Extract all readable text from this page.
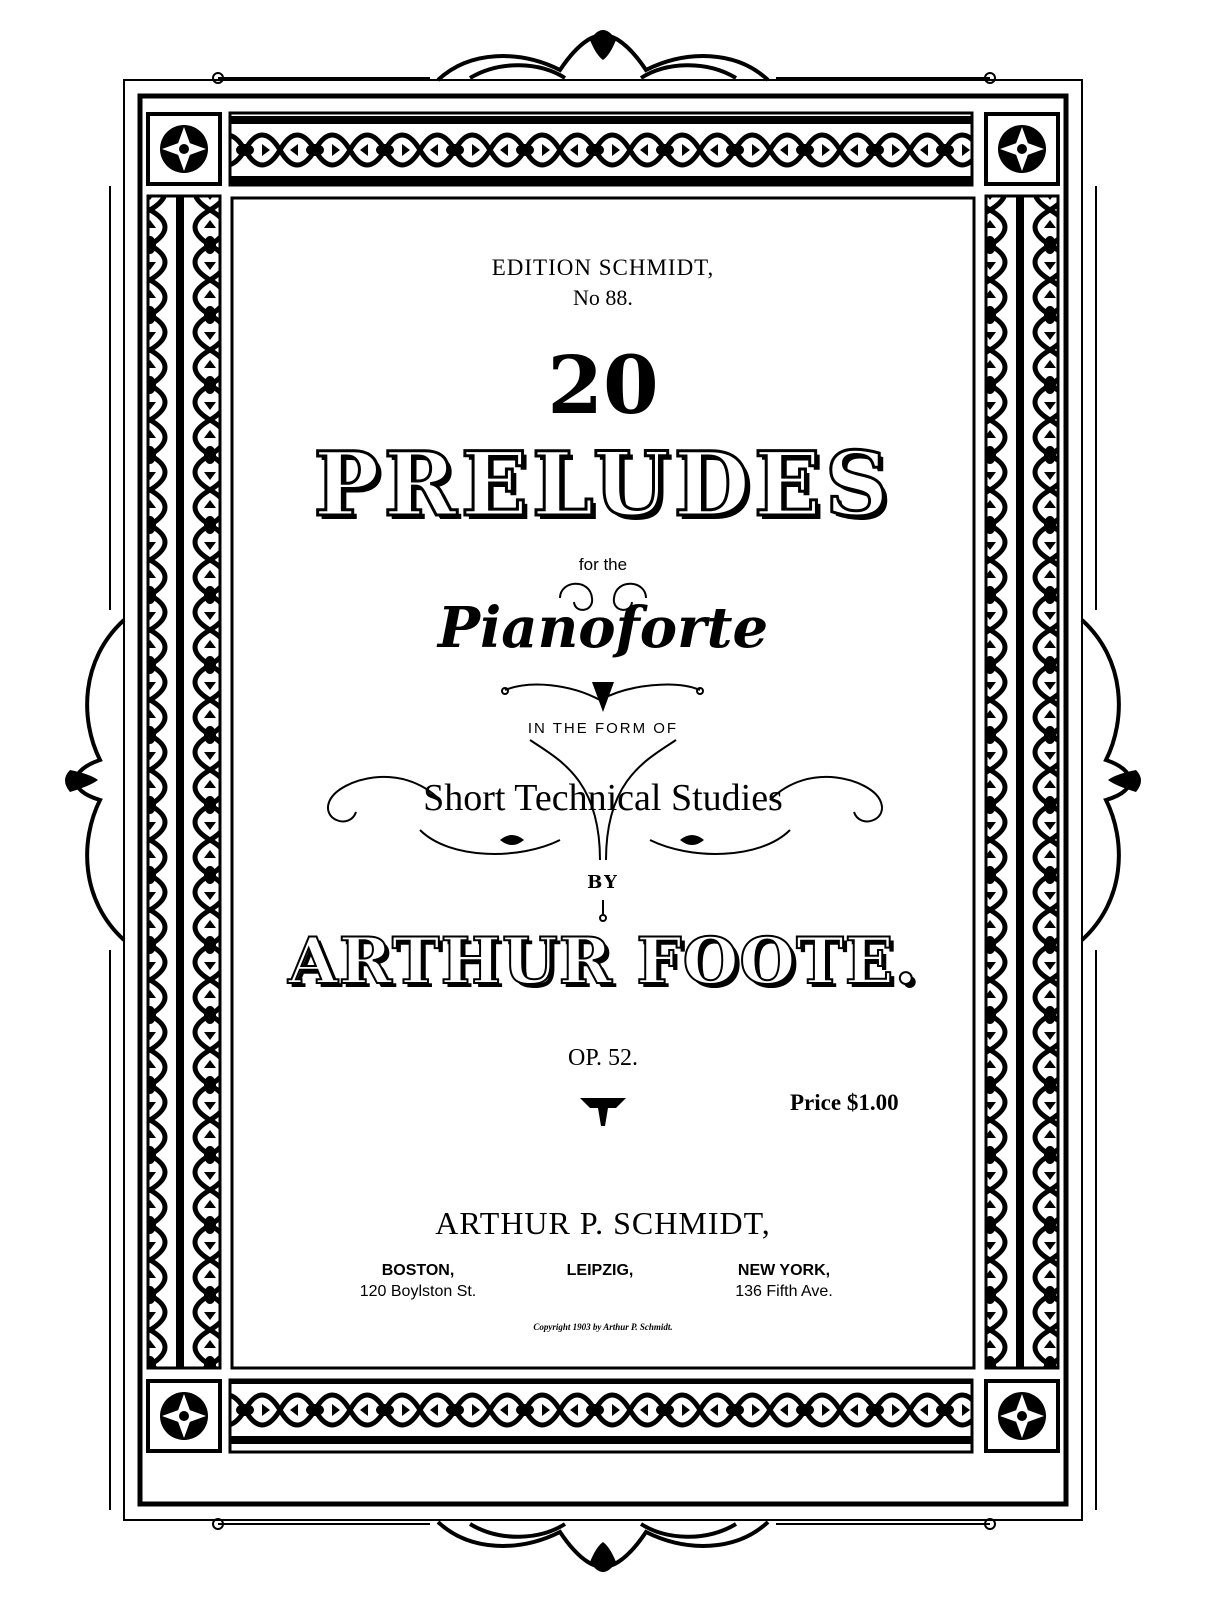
EDITION SCHMIDT,

No 88.

20

PRELUDES

for the

Pianoforte

IN THE FORM OF

Short Technical Studies

BY

ARTHUR FOOTE.

OP. 52.

Price $1.00

ARTHUR P. SCHMIDT,

BOSTON,

120 Boylston St.

LEIPZIG,	NEW YORK,

136 Fifth Ave.

Copyright 1903 by Arthur P. Schmidt.
